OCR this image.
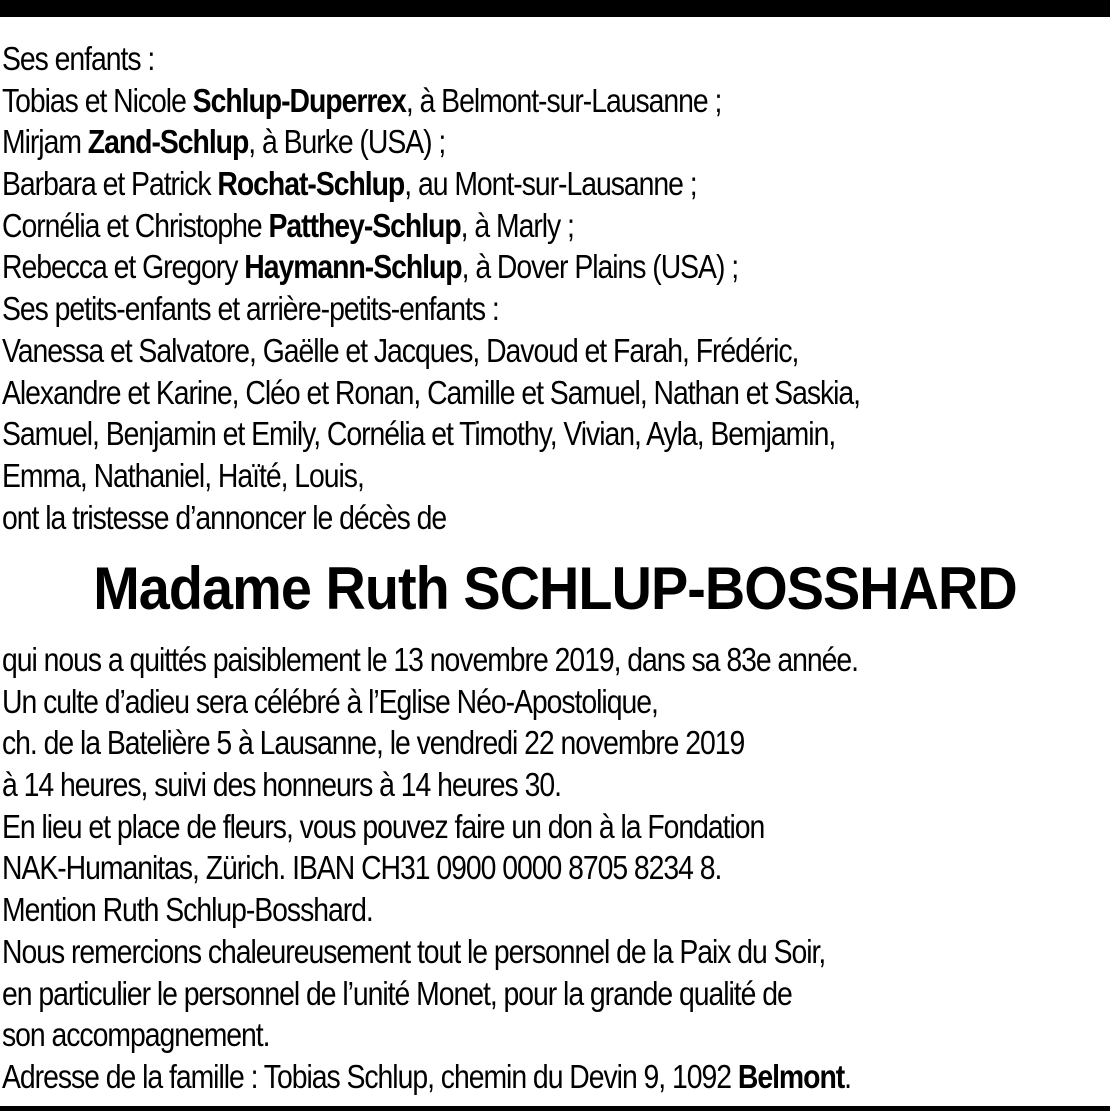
Ses enfants :
Tobias et Nicole Schlup-Duperrex, à Belmont-sur-Lausanne ;
Mirjam Zand-Schlup, à Burke (USA) ;
Barbara et Patrick Rochat-Schlup, au Mont-sur-Lausanne ;
Cornélia et Christophe Patthey-Schlup, à Marly ;
Rebecca et Gregory Haymann-Schlup, à Dover Plains (USA) ;
Ses petits-enfants et arrière-petits-enfants :
Vanessa et Salvatore, Gaëlle et Jacques, Davoud et Farah, Frédéric,
Alexandre et Karine, Cléo et Ronan, Camille et Samuel, Nathan et Saskia,
Samuel, Benjamin et Emily, Cornélia et Timothy, Vivian, Ayla, Bemjamin,
Emma, Nathaniel, Haïté, Louis,
ont la tristesse d’annoncer le décès de
Madame Ruth SCHLUP-BOSSHARD
qui nous a quittés paisiblement le 13 novembre 2019, dans sa 83e année.
Un culte d’adieu sera célébré à l’Eglise Néo-Apostolique,
ch. de la Batelière 5 à Lausanne, le vendredi 22 novembre 2019
à 14 heures, suivi des honneurs à 14 heures 30.
En lieu et place de fleurs, vous pouvez faire un don à la Fondation
NAK-Humanitas, Zürich. IBAN CH31 0900 0000 8705 8234 8.
Mention Ruth Schlup-Bosshard.
Nous remercions chaleureusement tout le personnel de la Paix du Soir,
en particulier le personnel de l’unité Monet, pour la grande qualité de
son accompagnement.
Adresse de la famille : Tobias Schlup, chemin du Devin 9, 1092 Belmont.
